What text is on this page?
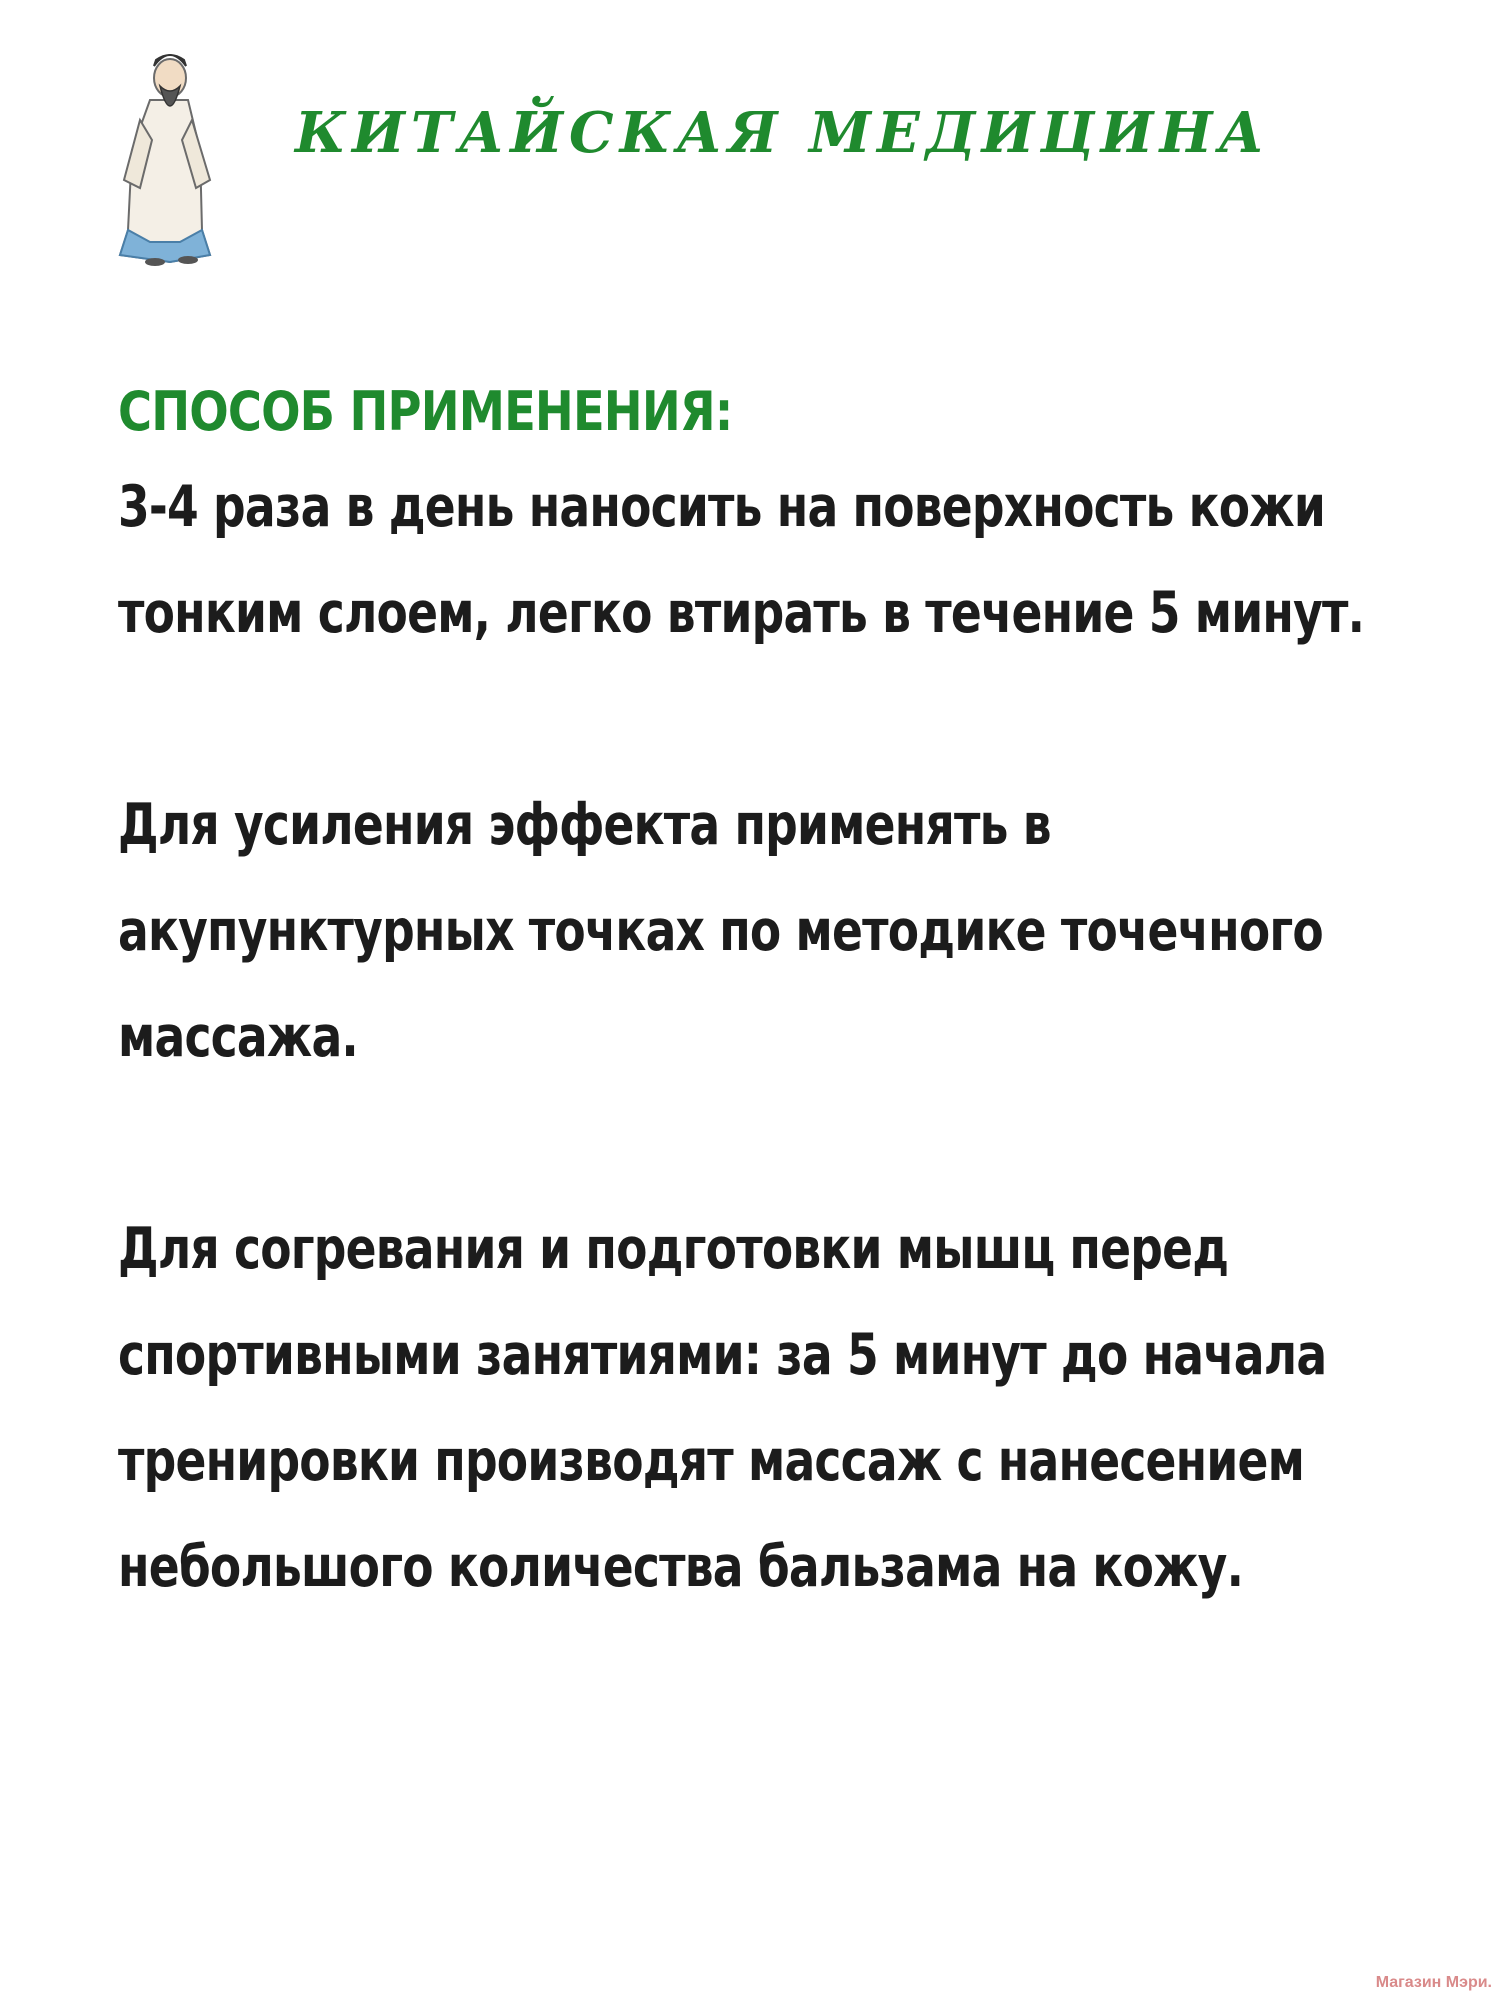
КИТАЙСКАЯ МЕДИЦИНА
СПОСОБ ПРИМЕНЕНИЯ:
3-4 раза в день наносить на поверхность кожи тонким слоем, легко втирать в течение 5 минут.
Для усиления эффекта применять в акупунктурных точках по методике точечного массажа.
Для согревания и подготовки мышц перед спортивными занятиями: за 5 минут до начала тренировки производят массаж с нанесением небольшого количества бальзама на кожу.
Магазин Мэри.
